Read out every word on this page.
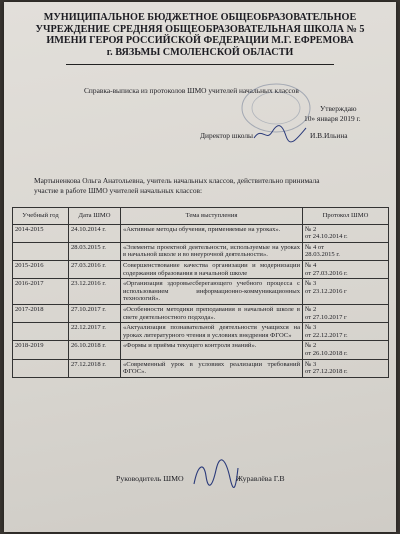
МУНИЦИПАЛЬНОЕ БЮДЖЕТНОЕ ОБЩЕОБРАЗОВАТЕЛЬНОЕ
УЧРЕЖДЕНИЕ СРЕДНЯЯ ОБЩЕОБРАЗОВАТЕЛЬНАЯ ШКОЛА № 5
ИМЕНИ ГЕРОЯ РОССИЙСКОЙ ФЕДЕРАЦИИ М.Г. ЕФРЕМОВА
г. ВЯЗЬМЫ СМОЛЕНСКОЙ ОБЛАСТИ
Справка-выписка из протоколов ШМО учителей начальных классов
Утверждаю
10» января 2019 г.
Директор школы	И.В.Ильина
Мартыненкова Ольга Анатольевна, учитель начальных классов, действительно принимала
участие в работе ШМО учителей начальных классов:
Учебный год	Дата ШМО	Тема выступления	Протокол ШМО
2014-2015	24.10.2014 г.	«Активные методы обучения, применяемые на уроках».	№ 2
от 24.10.2014 г.
	28.03.2015 г.	«Элементы проектной деятельности, используемые на уроках в начальной школе и во внеурочной деятельности».	№ 4 от
28.03.2015 г.
2015-2016	27.03.2016 г.	Совершенствование качества организации и модернизации содержания образования в начальной школе	№ 4
от 27.03.2016 г.
2016-2017	23.12.2016 г.	«Организация здоровьесберегающего учебного процесса с использованием информационно-коммуникационных технологий».	№ 3
от 23.12.2016 г
2017-2018	27.10.2017 г.	«Особенности методики преподавания в начальной школе в свете деятельностного подхода».	№ 2
от 27.10.2017 г
	22.12.2017 г.	«Актуализация познавательной деятельности учащихся на уроках литературного чтения в условиях внедрения ФГОС»	№ 3
от 22.12.2017 г.
2018-2019	26.10.2018 г.	«Формы и приёмы текущего контроля знаний».	№ 2
от 26.10.2018 г.
	27.12.2018 г.	«Современный урок в условиях реализации требований ФГОС».	№ 3
от 27.12.2018 г.
Руководитель ШМО	Журавлёва Г.В
